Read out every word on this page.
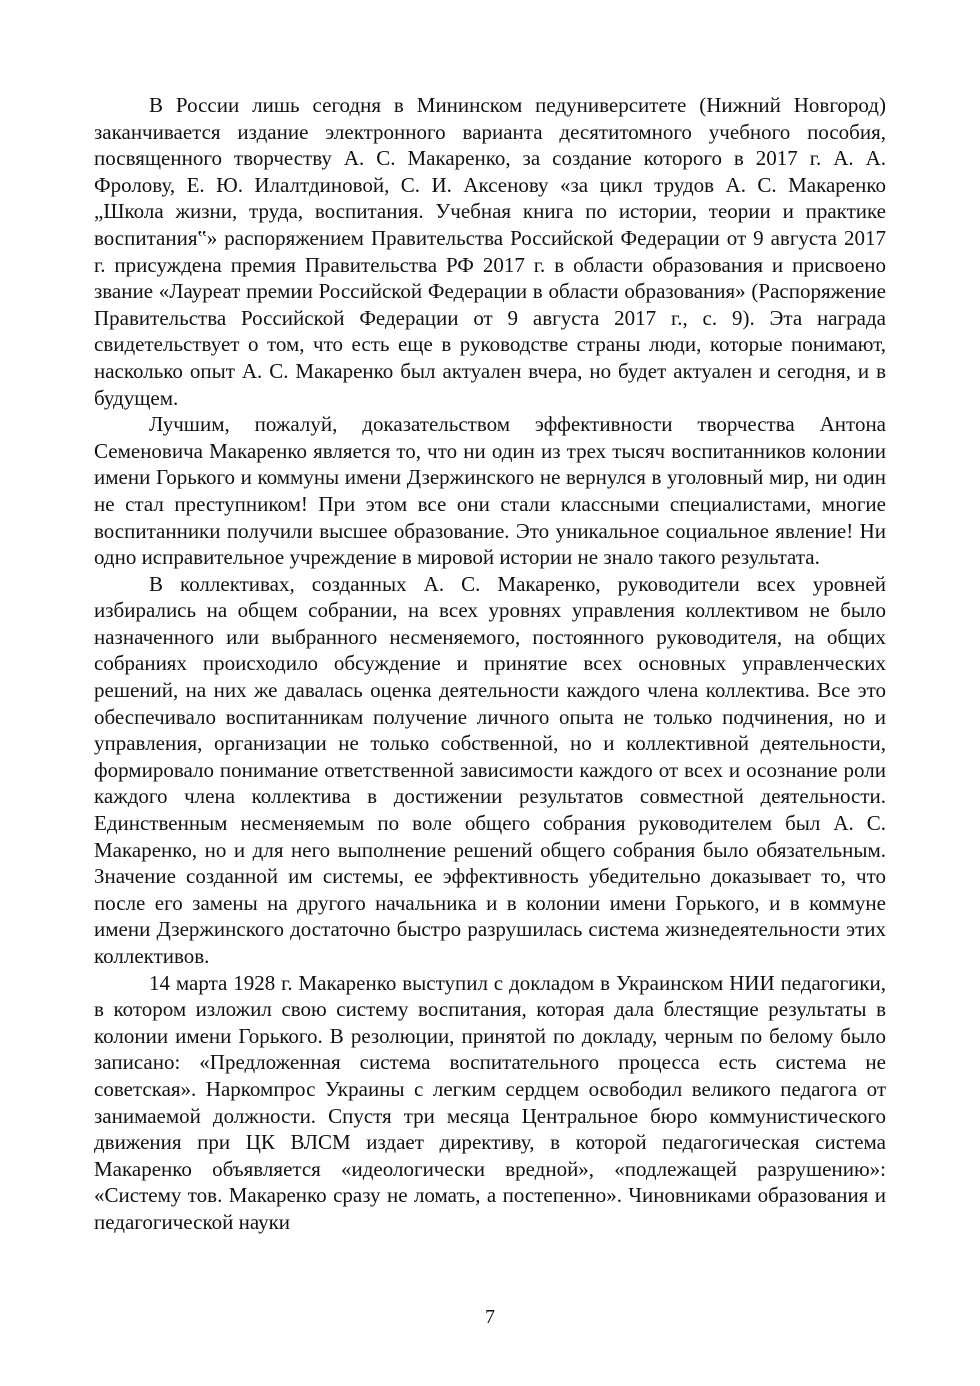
В России лишь сегодня в Мининском педуниверситете (Нижний Новгород) заканчивается издание электронного варианта десятитомного учебного пособия, посвященного творчеству А. С. Макаренко, за создание которого в 2017 г. А. А. Фролову, Е. Ю. Илалтдиновой, С. И. Аксенову «за цикл трудов А. С. Макаренко „Школа жизни, труда, воспитания. Учебная книга по истории, теории и практике воспитания‟» распоряжением Правительства Российской Федерации от 9 августа 2017 г. присуждена премия Правительства РФ 2017 г. в области образования и присвоено звание «Лауреат премии Российской Федерации в области образования» (Распоряжение Правительства Российской Федерации от 9 августа 2017 г., с. 9). Эта награда свидетельствует о том, что есть еще в руководстве страны люди, которые понимают, насколько опыт А. С. Макаренко был актуален вчера, но будет актуален и сегодня, и в будущем.

Лучшим, пожалуй, доказательством эффективности творчества Антона Семеновича Макаренко является то, что ни один из трех тысяч воспитанников колонии имени Горького и коммуны имени Дзержинского не вернулся в уголовный мир, ни один не стал преступником! При этом все они стали классными специалистами, многие воспитанники получили высшее образование. Это уникальное социальное явление! Ни одно исправительное учреждение в мировой истории не знало такого результата.

В коллективах, созданных А. С. Макаренко, руководители всех уровней избирались на общем собрании, на всех уровнях управления коллективом не было назначенного или выбранного несменяемого, постоянного руководителя, на общих собраниях происходило обсуждение и принятие всех основных управленческих решений, на них же давалась оценка деятельности каждого члена коллектива. Все это обеспечивало воспитанникам получение личного опыта не только подчинения, но и управления, организации не только собственной, но и коллективной деятельности, формировало понимание ответственной зависимости каждого от всех и осознание роли каждого члена коллектива в достижении результатов совместной деятельности. Единственным несменяемым по воле общего собрания руководителем был А. С. Макаренко, но и для него выполнение решений общего собрания было обязательным. Значение созданной им системы, ее эффективность убедительно доказывает то, что после его замены на другого начальника и в колонии имени Горького, и в коммуне имени Дзержинского достаточно быстро разрушилась система жизнедеятельности этих коллективов.

14 марта 1928 г. Макаренко выступил с докладом в Украинском НИИ педагогики, в котором изложил свою систему воспитания, которая дала блестящие результаты в колонии имени Горького. В резолюции, принятой по докладу, черным по белому было записано: «Предложенная система воспитательного процесса есть система не советская». Наркомпрос Украины с легким сердцем освободил великого педагога от занимаемой должности. Спустя три месяца Центральное бюро коммунистического движения при ЦК ВЛСМ издает директиву, в которой педагогическая система Макаренко объявляется «идеологически вредной», «подлежащей разрушению»: «Систему тов. Макаренко сразу не ломать, а постепенно». Чиновниками образования и педагогической науки

7
